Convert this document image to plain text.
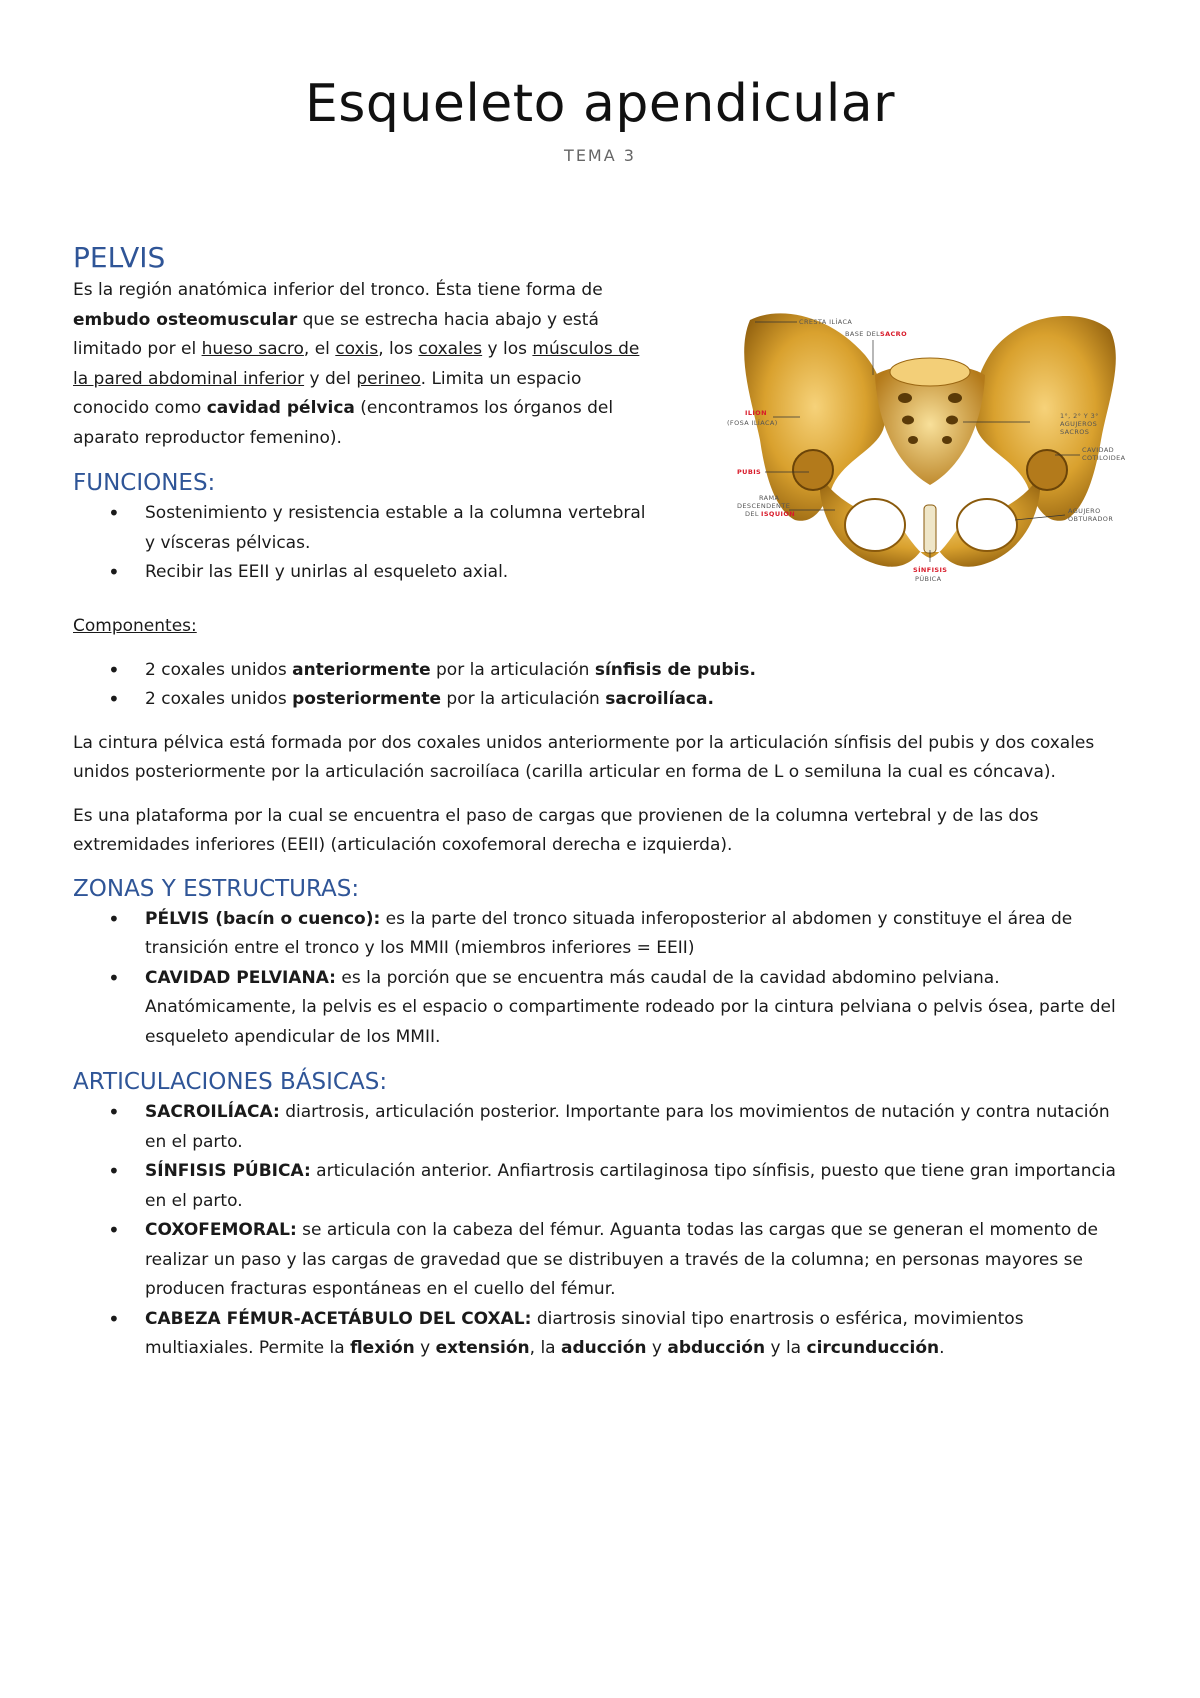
Esqueleto apendicular
TEMA 3
PELVIS

Es la región anatómica inferior del tronco. Ésta tiene forma de
embudo osteomuscular que se estrecha hacia abajo y está
limitado por el hueso sacro, el coxis, los coxales y los músculos de
la pared abdominal inferior y del perineo. Limita un espacio
conocido como cavidad pélvica (encontramos los órganos del
aparato reproductor femenino).

FUNCIONES:
• Sostenimiento y resistencia estable a la columna vertebral
y vísceras pélvicas.
• Recibir las EEII y unirlas al esqueleto axial.
CRESTA ILÍACA
BASE DEL SACRO
ILION
(FOSA ILÍACA)
1°, 2° Y 3°
AGUJEROS
SACROS
CAVIDAD
COTILOIDEA
PUBIS
RAMA
DESCENDENTE
DEL ISQUION	AGUJERO
OBTURADOR
SÍNFISIS
PÚBICA

Componentes:

• 2 coxales unidos anteriormente por la articulación sínfisis de pubis.
• 2 coxales unidos posteriormente por la articulación sacroilíaca.

La cintura pélvica está formada por dos coxales unidos anteriormente por la articulación sínfisis del pubis y dos coxales unidos posteriormente por la articulación sacroilíaca (carilla articular en forma de L o semiluna la cual es cóncava).

Es una plataforma por la cual se encuentra el paso de cargas que provienen de la columna vertebral y de las dos extremidades inferiores (EEII) (articulación coxofemoral derecha e izquierda).

ZONAS Y ESTRUCTURAS:
• PÉLVIS (bacín o cuenco): es la parte del tronco situada inferoposterior al abdomen y constituye el área de transición entre el tronco y los MMII (miembros inferiores = EEII)
• CAVIDAD PELVIANA: es la porción que se encuentra más caudal de la cavidad abdomino pelviana. Anatómicamente, la pelvis es el espacio o compartimente rodeado por la cintura pelviana o pelvis ósea, parte del esqueleto apendicular de los MMII.
ARTICULACIONES BÁSICAS:
• SACROILÍACA: diartrosis, articulación posterior. Importante para los movimientos de nutación y contra nutación en el parto.
• SÍNFISIS PÚBICA: articulación anterior. Anfiartrosis cartilaginosa tipo sínfisis, puesto que tiene gran importancia en el parto.
• COXOFEMORAL: se articula con la cabeza del fémur. Aguanta todas las cargas que se generan el momento de realizar un paso y las cargas de gravedad que se distribuyen a través de la columna; en personas mayores se producen fracturas espontáneas en el cuello del fémur.
• CABEZA FÉMUR-ACETÁBULO DEL COXAL: diartrosis sinovial tipo enartrosis o esférica, movimientos multiaxiales. Permite la flexión y extensión, la aducción y abducción y la circunducción.
